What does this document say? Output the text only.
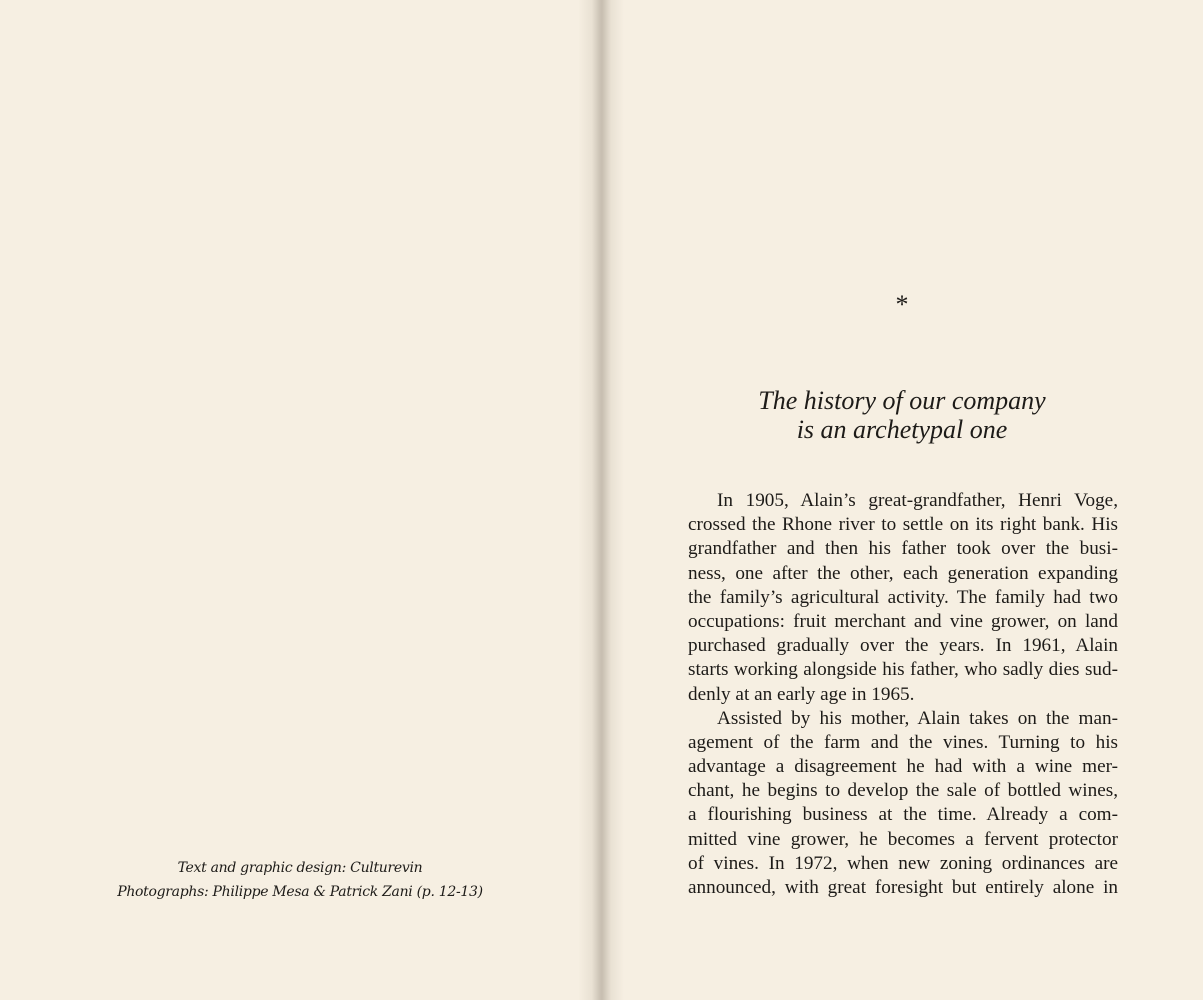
Text and graphic design: Culturevin
Photographs: Philippe Mesa & Patrick Zani (p. 12-13)
*
The history of our company
is an archetypal one
In 1905, Alain’s great-grandfather, Henri Voge,
crossed the Rhone river to settle on its right bank. His
grandfather and then his father took over the busi-
ness, one after the other, each generation expanding
the family’s agricultural activity. The family had two
occupations: fruit merchant and vine grower, on land
purchased gradually over the years. In 1961, Alain
starts working alongside his father, who sadly dies sud-
denly at an early age in 1965.
Assisted by his mother, Alain takes on the man-
agement of the farm and the vines. Turning to his
advantage a disagreement he had with a wine mer-
chant, he begins to develop the sale of bottled wines,
a flourishing business at the time. Already a com-
mitted vine grower, he becomes a fervent protector
of vines. In 1972, when new zoning ordinances are
announced, with great foresight but entirely alone in
